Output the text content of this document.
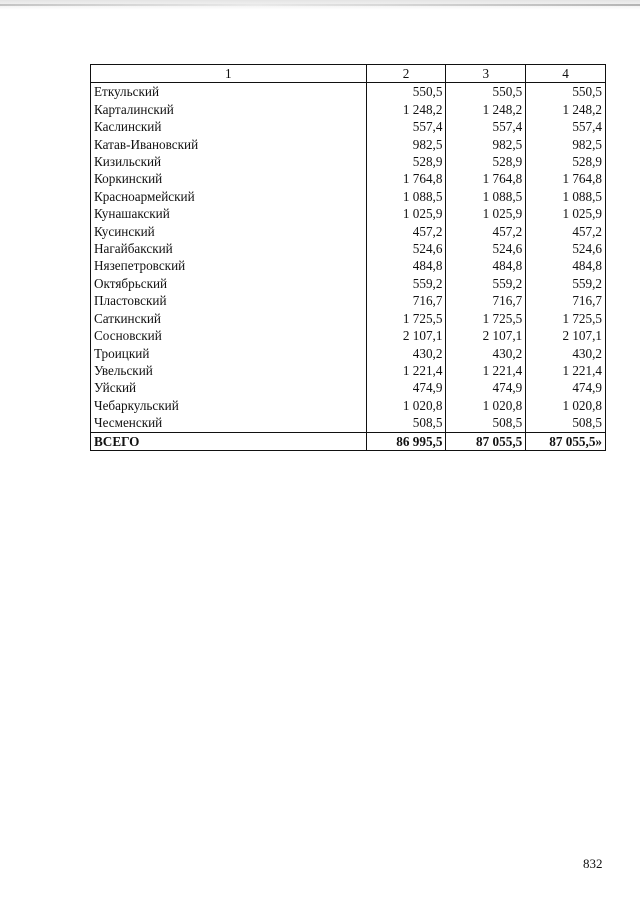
1	2	3	4
Еткульский	550,5	550,5	550,5
Карталинский	1 248,2	1 248,2	1 248,2
Каслинский	557,4	557,4	557,4
Катав-Ивановский	982,5	982,5	982,5
Кизильский	528,9	528,9	528,9
Коркинский	1 764,8	1 764,8	1 764,8
Красноармейский	1 088,5	1 088,5	1 088,5
Кунашакский	1 025,9	1 025,9	1 025,9
Кусинский	457,2	457,2	457,2
Нагайбакский	524,6	524,6	524,6
Нязепетровский	484,8	484,8	484,8
Октябрьский	559,2	559,2	559,2
Пластовский	716,7	716,7	716,7
Саткинский	1 725,5	1 725,5	1 725,5
Сосновский	2 107,1	2 107,1	2 107,1
Троицкий	430,2	430,2	430,2
Увельский	1 221,4	1 221,4	1 221,4
Уйский	474,9	474,9	474,9
Чебаркульский	1 020,8	1 020,8	1 020,8
Чесменский	508,5	508,5	508,5
ВСЕГО	86 995,5	87 055,5	87 055,5»
832
